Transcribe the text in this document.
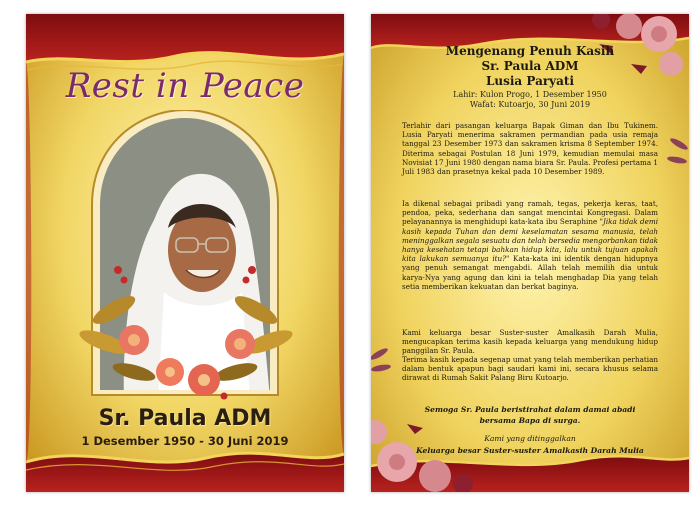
Rest in Peace
Sr. Paula ADM
1 Desember 1950 - 30 Juni 2019
Mengenang Penuh Kasih
Sr. Paula ADM
Lusia Paryati
Lahir: Kulon Progo, 1 Desember 1950
Wafat: Kutoarjo, 30 Juni 2019

Terlahir dari pasangan keluarga Bapak Giman dan Ibu Tukinem. Lusia Paryati menerima sakramen permandian pada usia remaja tanggal 23 Desember 1973 dan sakramen krisma 8 September 1974. Diterima sebagai Postulan 18 Juni 1979, kemudian memulai masa Novisiat 17 Juni 1980 dengan nama biara Sr. Paula. Profesi pertama 1 Juli 1983 dan prasetnya kekal pada 10 Desember 1989.

Ia dikenal sebagai pribadi yang ramah, tegas, pekerja keras, taat, pendoa, peka, sederhana dan sangat mencintai Kongregasi. Dalam pelayanannya ia menghidupi kata-kata ibu Seraphine "Jika tidak demi kasih kepada Tuhan dan demi keselamatan sesama manusia, telah meninggalkan segala sesuatu dan telah bersedia mengorbankan tidak hanya kesehatan tetapi bahkan hidup kita, lalu untuk tujuan apakah kita lakukan semuanya itu?" Kata-kata ini identik dengan hidupnya yang penuh semangat mengabdi. Allah telah memilih dia untuk karya-Nya yang agung dan kini ia telah menghadap Dia yang telah setia memberikan kekuatan dan berkat baginya.

Kami keluarga besar Suster-suster Amalkasih Darah Mulia, mengucapkan terima kasih kepada keluarga yang mendukung hidup panggilan Sr. Paula.

Terima kasih kepada segenap umat yang telah memberikan perhatian dalam bentuk apapun bagi saudari kami ini, secara khusus selama dirawat di Rumah Sakit Palang Biru Kutoarjo.

Semoga Sr. Paula beristirahat dalam damai abadi
bersama Bapa di surga.
Kami yang ditinggalkan
Keluarga besar Suster-suster Amalkasih Darah Mulia
